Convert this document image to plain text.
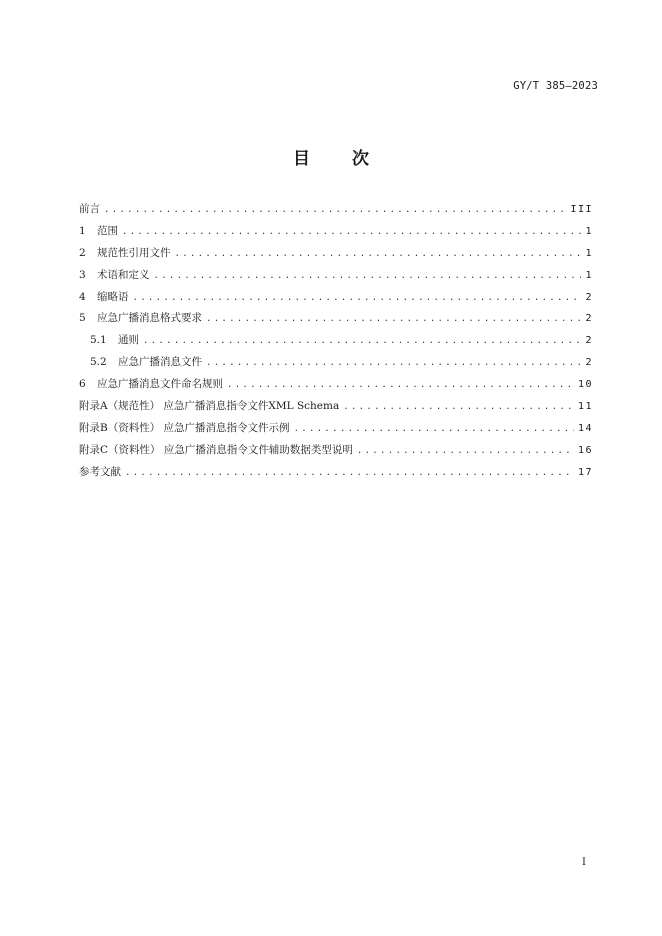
GY/T 385—2023
目 次
前言 .....	III
1 范围 .....	1
2 规范性引用文件 .....	1
3 术语和定义 .....	1
4 缩略语 .....	2
5 应急广播消息格式要求 .....	2
5.1 通则 .....	2
5.2 应急广播消息文件 .....	2
6 应急广播消息文件命名规则 .....	10
附录A（规范性） 应急广播消息指令文件XML Schema .....	11
附录B（资料性） 应急广播消息指令文件示例 .....	14
附录C（资料性） 应急广播消息指令文件辅助数据类型说明 .....	16
参考文献 .....	17
I
